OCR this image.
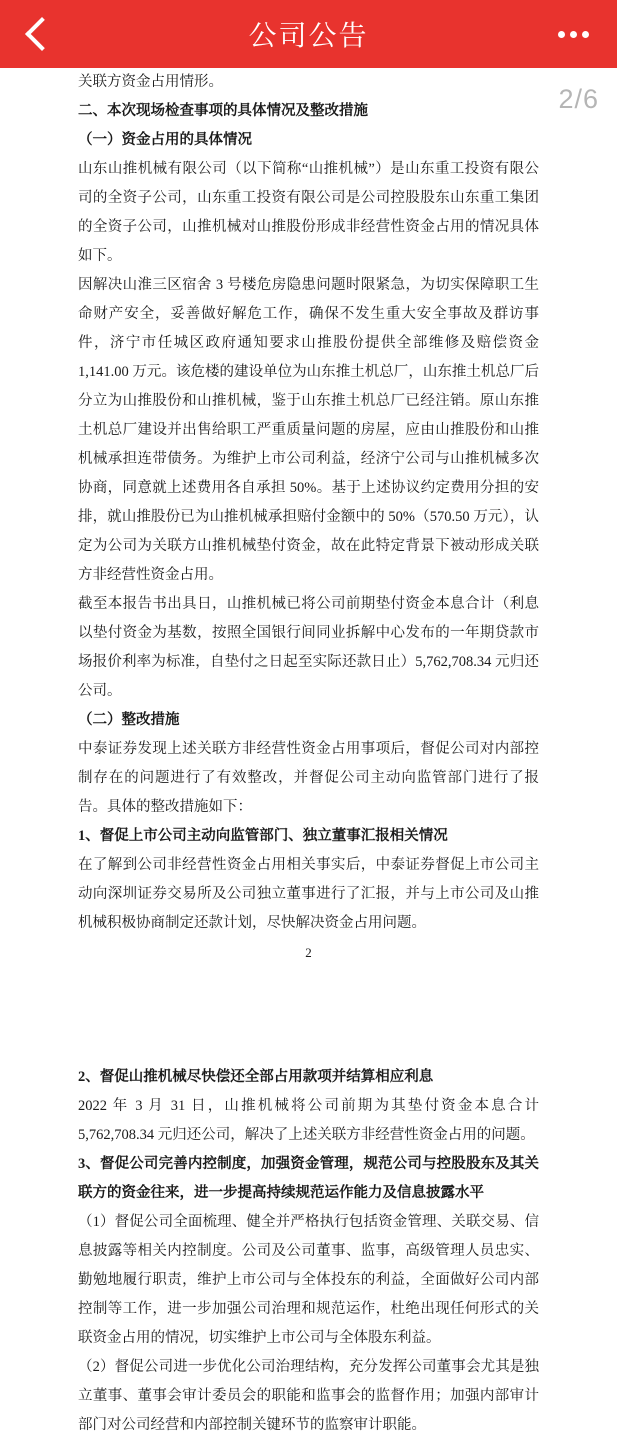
公司公告
2/6

关联方资金占用情形。

二、本次现场检查事项的具体情况及整改措施

（一）资金占用的具体情况

山东山推机械有限公司（以下简称“山推机械”）是山东重工投资有限公司的全资子公司，山东重工投资有限公司是公司控股股东山东重工集团的全资子公司，山推机械对山推股份形成非经营性资金占用的情况具体如下。

因解决山淮三区宿舍 3 号楼危房隐患问题时限紧急，为切实保障职工生命财产安全，妥善做好解危工作，确保不发生重大安全事故及群访事件，济宁市任城区政府通知要求山推股份提供全部维修及赔偿资金 1,141.00 万元。该危楼的建设单位为山东推土机总厂，山东推土机总厂后分立为山推股份和山推机械，鉴于山东推土机总厂已经注销。原山东推土机总厂建设并出售给职工严重质量问题的房屋，应由山推股份和山推机械承担连带债务。为维护上市公司利益，经济宁公司与山推机械多次协商，同意就上述费用各自承担 50%。基于上述协议约定费用分担的安排，就山推股份已为山推机械承担赔付金额中的 50%（570.50 万元），认定为公司为关联方山推机械垫付资金，故在此特定背景下被动形成关联方非经营性资金占用。

截至本报告书出具日，山推机械已将公司前期垫付资金本息合计（利息以垫付资金为基数，按照全国银行间同业拆解中心发布的一年期贷款市场报价利率为标准，自垫付之日起至实际还款日止）5,762,708.34 元归还公司。

（二）整改措施

中泰证券发现上述关联方非经营性资金占用事项后，督促公司对内部控制存在的问题进行了有效整改，并督促公司主动向监管部门进行了报告。具体的整改措施如下：

1、督促上市公司主动向监管部门、独立董事汇报相关情况

在了解到公司非经营性资金占用相关事实后，中泰证券督促上市公司主动向深圳证券交易所及公司独立董事进行了汇报，并与上市公司及山推机械积极协商制定还款计划，尽快解决资金占用问题。

2

2、督促山推机械尽快偿还全部占用款项并结算相应利息

2022 年 3 月 31 日，山推机械将公司前期为其垫付资金本息合计 5,762,708.34 元归还公司，解决了上述关联方非经营性资金占用的问题。

3、督促公司完善内控制度，加强资金管理，规范公司与控股股东及其关联方的资金往来，进一步提高持续规范运作能力及信息披露水平

（1）督促公司全面梳理、健全并严格执行包括资金管理、关联交易、信息披露等相关内控制度。公司及公司董事、监事，高级管理人员忠实、勤勉地履行职责，维护上市公司与全体投东的利益，全面做好公司内部控制等工作，进一步加强公司治理和规范运作，杜绝出现任何形式的关联资金占用的情况，切实维护上市公司与全体股东利益。

（2）督促公司进一步优化公司治理结构，充分发挥公司董事会尤其是独立董事、董事会审计委员会的职能和监事会的监督作用；加强内部审计部门对公司经营和内部控制关键环节的监察审计职能。
